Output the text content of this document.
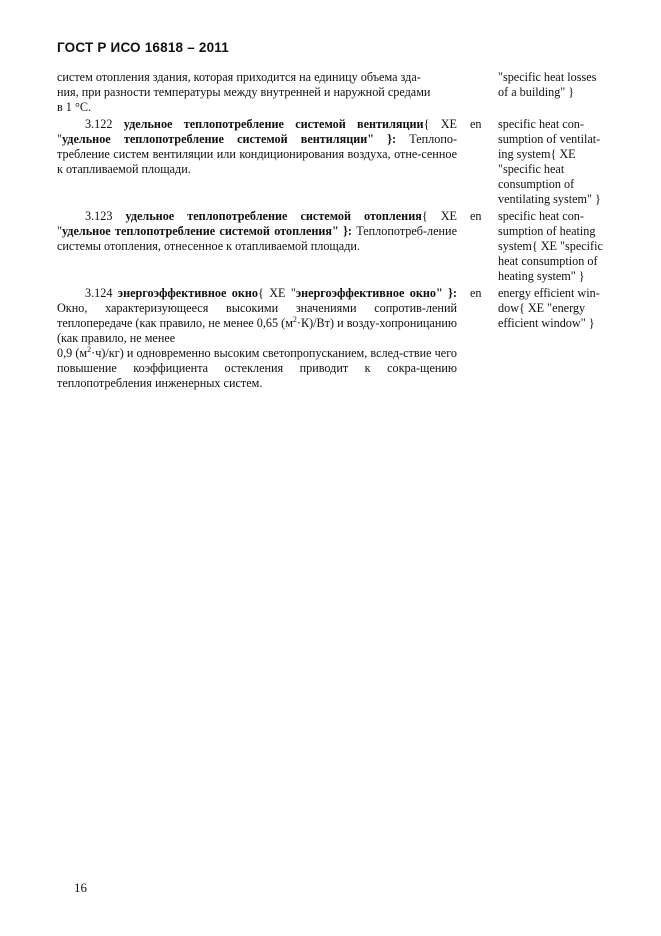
ГОСТ Р ИСО 16818 – 2011

систем отопления здания, которая приходится на единицу объема зда-

ния, при разности температуры между внутренней и наружной средами

в 1 °С.

"specific heat losses

of a building" }

3.122 удельное теплопотребление системой вентиляции{ XE "удельное теплопотребление системой вентиляции" }: Теплопо-требление систем вентиляции или кондиционирования воздуха, отне-сенное к отапливаемой площади.

en specific heat con-

sumption of ventilat-

ing system{ XE

"specific heat

consumption of

ventilating system" }

3.123 удельное теплопотребление системой отопления{ XE "удельное теплопотребление системой отопления" }: Теплопотреб-ление системы отопления, отнесенное к отапливаемой площади.

en specific heat con-

sumption of heating

system{ XE "specific

heat consumption of

heating system" }

3.124 энергоэффективное окно{ XE "энергоэффективное окно" }: Окно, характеризующееся высокими значениями сопротив-лений теплопередаче (как правило, не менее 0,65 $(м^2\cdot К)/Вт$) и возду-хопроницанию (как правило, не менее

0,9 $(м^2\cdot ч)/кг$) и одновременно высоким светопропусканием, вслед-ствие чего повышение коэффициента остекления приводит к сокра-щению теплопотребления инженерных систем.

en energy efficient win-

dow{ XE "energy

efficient window" }

16
